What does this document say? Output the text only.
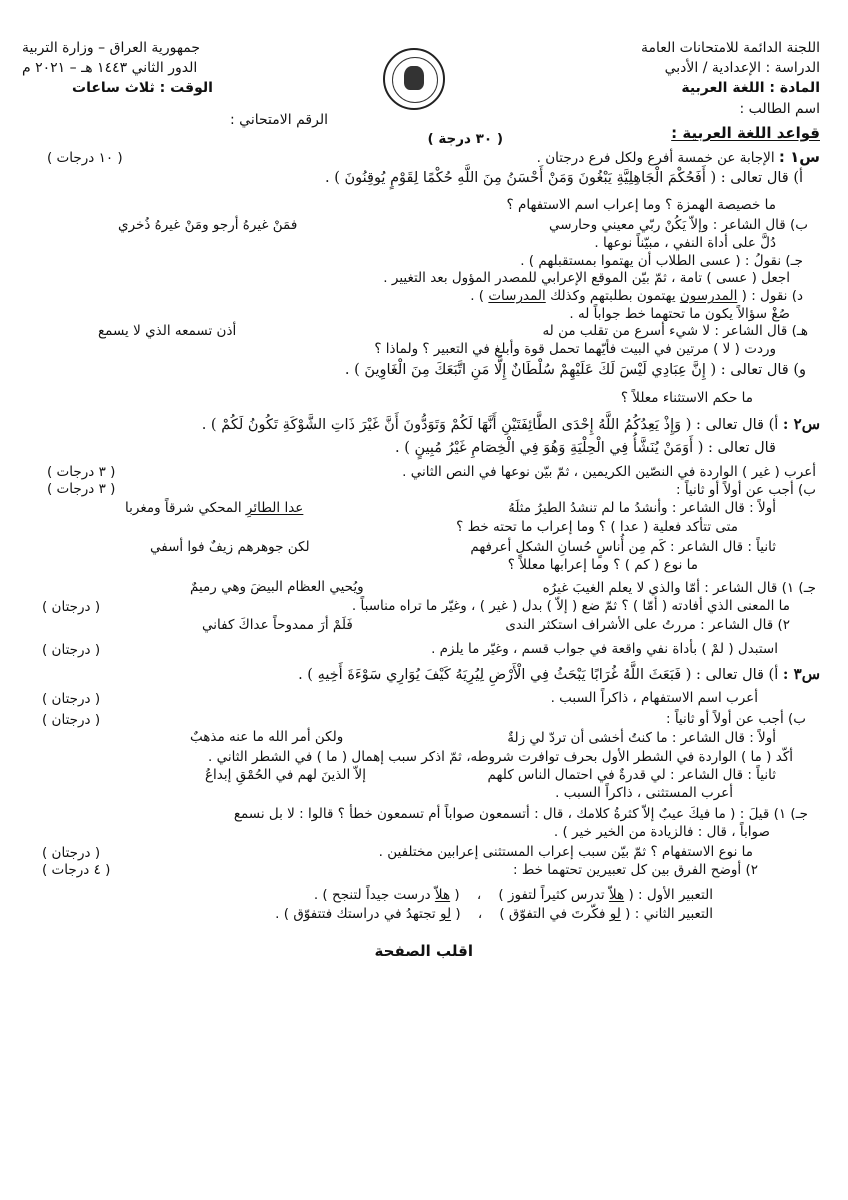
اللجنة الدائمة للامتحانات العامة
الدراسة : الإعدادية / الأدبي
المادة : اللغة العربية
اسم الطالب :
جمهورية العراق – وزارة التربية
الدور الثاني ١٤٤٣ هـ – ٢٠٢١ م
الوقت : ثلاث ساعات
الرقم الامتحاني :
قواعد اللغة العربية :
( ٣٠ درجة )
س١ : الإجابة عن خمسة أفرع ولكل فرع درجتان .
( ١٠ درجات )
أ) قال تعالى : ( أَفَحُكْمَ الْجَاهِلِيَّةِ يَبْغُونَ وَمَنْ أَحْسَنُ مِنَ اللَّهِ حُكْمًا لِقَوْمٍ يُوقِنُونَ ) .
ما خصيصة الهمزة ؟ وما إعراب اسم الاستفهام ؟
ب) قال الشاعر : وإلاّ يَكُنْ ربّي معيني وحارسي
فمَنْ غيرهُ أرجو ومَنْ غيرهُ ذُخري
دُلَّ على أداة النفي ، مبيّناً نوعها .
جـ) نقولُ : ( عسى الطلاب أن يهتموا بمستقبلهم ) .
اجعل ( عسى ) تامة ، ثمّ بيّن الموقع الإعرابي للمصدر المؤول بعد التغيير .
د) نقول : ( المدرسون يهتمون بطلبتهم وكذلك المدرسات ) .
صُغْ سؤالاً يكون ما تحتهما خط جواباً له .
هـ) قال الشاعر : لا شيء أسرع من تقلب من له
أذن تسمعه الذي لا يسمع
وردت ( لا ) مرتين في البيت فأيّهما تحمل قوة وأبلغ في التعبير ؟ ولماذا ؟
و) قال تعالى : ( إِنَّ عِبَادِي لَيْسَ لَكَ عَلَيْهِمْ سُلْطَانٌ إِلَّا مَنِ اتَّبَعَكَ مِنَ الْغَاوِينَ ) .
ما حكم الاستثناء معللاً ؟
س٢ : أ) قال تعالى : ( وَإِذْ يَعِدُكُمُ اللَّهُ إِحْدَى الطَّائِفَتَيْنِ أَنَّهَا لَكُمْ وَتَوَدُّونَ أَنَّ غَيْرَ ذَاتِ الشَّوْكَةِ تَكُونُ لَكُمْ ) .
قال تعالى : ( أَوَمَنْ يُنَشَّأُ فِي الْحِلْيَةِ وَهُوَ فِي الْخِصَامِ غَيْرُ مُبِينٍ ) .
أعرب ( غير ) الواردة في النصّين الكريمين ، ثمّ بيّن نوعها في النص الثاني .
( ٣ درجات )
ب) أجب عن أولاً أو ثانياً :
( ٣ درجات )
أولاً : قال الشاعر : وأنشدُ ما لم تنشدُ الطيرُ مثلَهُ
عدا الطائرِ المحكي شرقاً ومغربا
متى تتأكد فعلية ( عدا ) ؟ وما إعراب ما تحته خط ؟
ثانياً : قال الشاعر : كَم مِن أُناسٍ حُسانِ الشكلِ أعرفهم
لكن جوهرهم زيفٌ فوا أسفي
ما نوع ( كم ) ؟ وما إعرابها معللاً ؟
جـ) ١) قال الشاعر : أمّا والذي لا يعلم الغيبَ غيرُه
ويُحيي العظام البيضَ وهي رميمٌ
ما المعنى الذي أفادته ( أمّا ) ؟ ثمّ ضع ( إلاّ ) بدل ( غير ) ، وغيّر ما تراه مناسباً .
( درجتان )
٢) قال الشاعر : مررتُ على الأشراف استكثر الندى
فَلَمْ أرَ ممدوحاً عداكَ كفاني
استبدل ( لمْ ) بأداة نفي واقعة في جواب قسم ، وغيّر ما يلزم .
( درجتان )
س٣ : أ) قال تعالى : ( فَبَعَثَ اللَّهُ غُرَابًا يَبْحَثُ فِي الْأَرْضِ لِيُرِيَهُ كَيْفَ يُوَارِي سَوْءَةَ أَخِيهِ ) .
أعرب اسم الاستفهام ، ذاكراً السبب .
( درجتان )
ب) أجب عن أولاً أو ثانياً :
( درجتان )
أولاً : قال الشاعر : ما كنتُ أخشى أن تردّ لي زلةٌ
ولكن أمر الله ما عنه مذهبٌ
أكّد ( ما ) الواردة في الشطر الأول بحرف توافرت شروطه، ثمّ اذكر سبب إهمال ( ما ) في الشطر الثاني .
ثانياً : قال الشاعر : لي قدرةٌ في احتمال الناس كلهم
إلاّ الذينَ لهم في الحُمْقِ إبداعُ
أعرب المستثنى ، ذاكراً السبب .
جـ) ١) قيلَ : ( ما فيكَ عيبٌ إلاّ كثرةُ كلامك ، قال : أتسمعون صواباً أم تسمعون خطأ ؟ قالوا : لا بل نسمع
صواباً ، قال : فالزيادة من الخير خير ) .
ما نوع الاستفهام ؟ ثمّ بيّن سبب إعراب المستثنى إعرابين مختلفين .
( درجتان )
٢) أوضح الفرق بين كل تعبيرين تحتهما خط :
( ٤ درجات )
التعبير الأول : ( هلاّ تدرس كثيراً لتفوز )    ،    ( هلاّ درست جيداً لتنجح ) .
التعبير الثاني : ( لو فكّرتَ في التفوّق )    ،    ( لو تجتهدُ في دراستك فتتفوّق ) .
اقلب الصفحة
